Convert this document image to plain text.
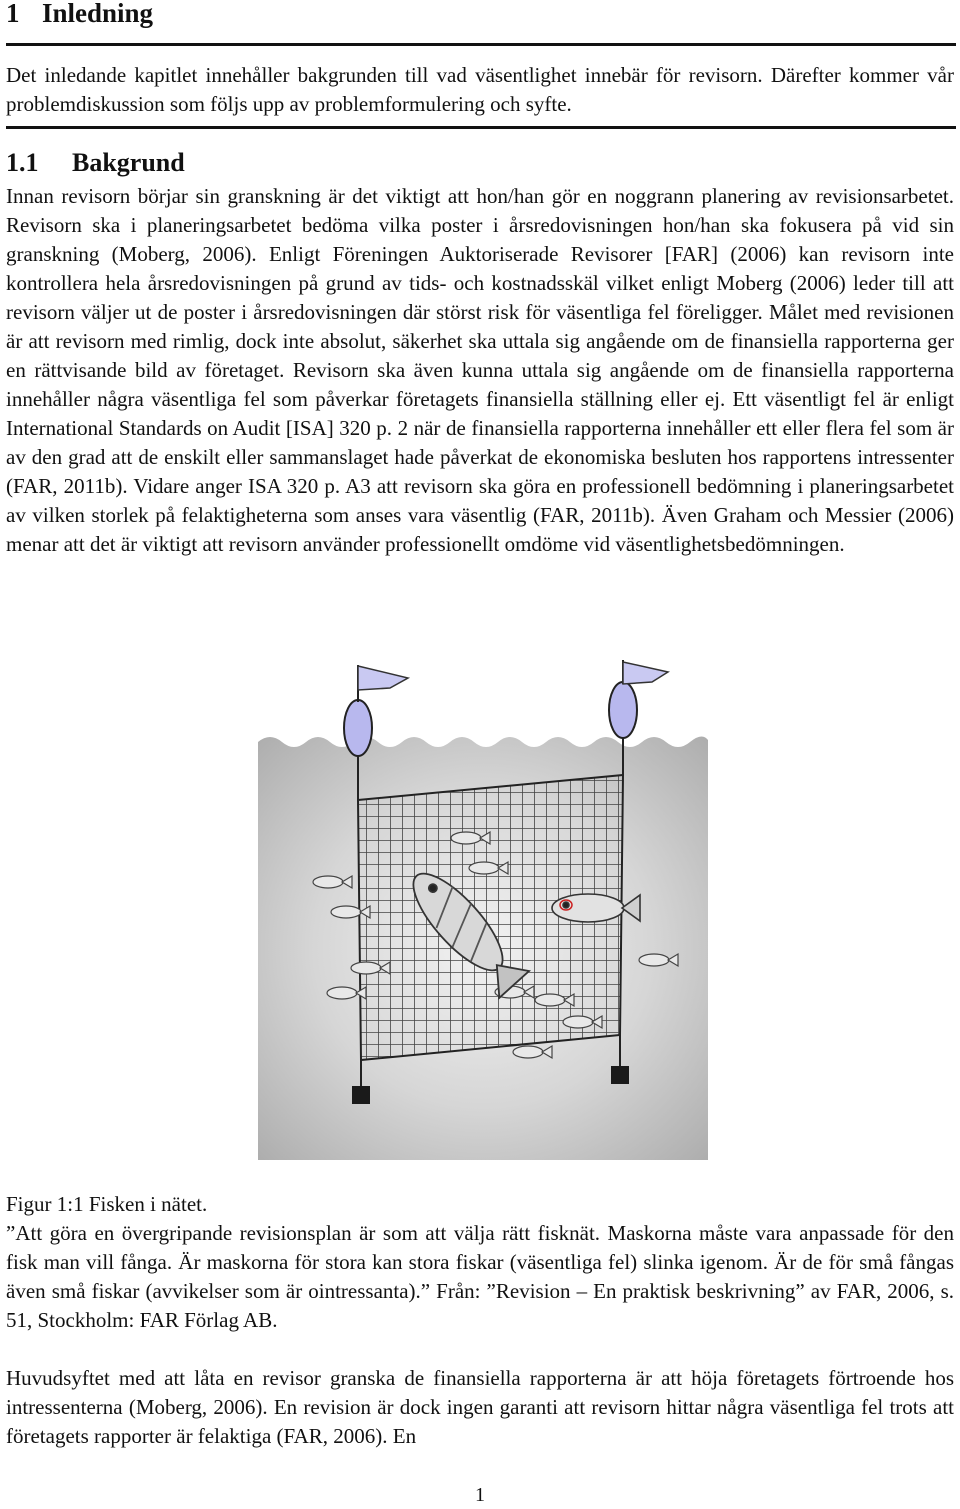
1 Inledning

Det inledande kapitlet innehåller bakgrunden till vad väsentlighet innebär för revisorn. Därefter kommer vår problemdiskussion som följs upp av problemformulering och syfte.

1.1 Bakgrund

Innan revisorn börjar sin granskning är det viktigt att hon/han gör en noggrann planering av revisionsarbetet. Revisorn ska i planeringsarbetet bedöma vilka poster i årsredovisningen hon/han ska fokusera på vid sin granskning (Moberg, 2006). Enligt Föreningen Auktoriserade Revisorer [FAR] (2006) kan revisorn inte kontrollera hela årsredovisningen på grund av tids- och kostnadsskäl vilket enligt Moberg (2006) leder till att revisorn väljer ut de poster i årsredovisningen där störst risk för väsentliga fel föreligger. Målet med revisionen är att revisorn med rimlig, dock inte absolut, säkerhet ska uttala sig angående om de finansiella rapporterna ger en rättvisande bild av företaget. Revisorn ska även kunna uttala sig angående om de finansiella rapporterna innehåller några väsentliga fel som påverkar företagets finansiella ställning eller ej. Ett väsentligt fel är enligt International Standards on Audit [ISA] 320 p. 2 när de finansiella rapporterna innehåller ett eller flera fel som är av den grad att de enskilt eller sammanslaget hade påverkat de ekonomiska besluten hos rapportens intressenter (FAR, 2011b). Vidare anger ISA 320 p. A3 att revisorn ska göra en professionell bedömning i planeringsarbetet av vilken storlek på felaktigheterna som anses vara väsentlig (FAR, 2011b). Även Graham och Messier (2006) menar att det är viktigt att revisorn använder professionellt omdöme vid väsentlighetsbedömningen.

Figur 1:1 Fisken i nätet.

”Att göra en övergripande revisionsplan är som att välja rätt fisknät. Maskorna måste vara anpassade för den fisk man vill fånga. Är maskorna för stora kan stora fiskar (väsentliga fel) slinka igenom. Är de för små fångas även små fiskar (avvikelser som är ointressanta).” Från: ”Revision – En praktisk beskrivning” av FAR, 2006, s. 51, Stockholm: FAR Förlag AB.

Huvudsyftet med att låta en revisor granska de finansiella rapporterna är att höja företagets förtroende hos intressenterna (Moberg, 2006). En revision är dock ingen garanti att revisorn hittar några väsentliga fel trots att företagets rapporter är felaktiga (FAR, 2006). En

1
